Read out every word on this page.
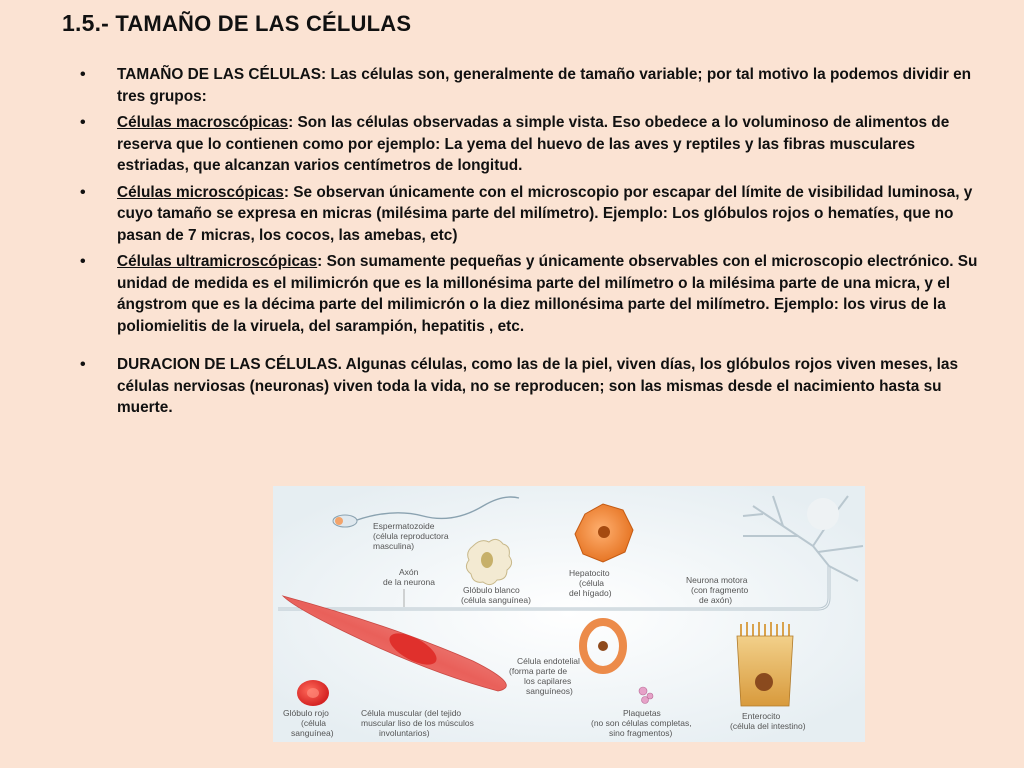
1.5.- TAMAÑO DE LAS CÉLULAS
• TAMAÑO DE LAS CÉLULAS: Las células son, generalmente de tamaño variable; por tal motivo la podemos dividir en tres grupos:
• Células macroscópicas: Son las células observadas a simple vista. Eso obedece a lo voluminoso de alimentos de reserva que lo contienen como por ejemplo: La yema del huevo de las aves y reptiles y las fibras musculares estriadas, que alcanzan varios centímetros de longitud.
• Células microscópicas: Se observan únicamente con el microscopio por escapar del límite de visibilidad luminosa, y cuyo tamaño se expresa en micras (milésima parte del milímetro). Ejemplo: Los glóbulos rojos o hematíes, que no pasan de 7 micras, los cocos, las amebas, etc)
• Células ultramicroscópicas: Son sumamente pequeñas y únicamente observables con el microscopio electrónico. Su unidad de medida es el milimicrón que es la millonésima parte del milímetro o la milésima parte de una micra, y el ángstrom que es la décima parte del milimicrón o la diez millonésima parte del milímetro. Ejemplo: los virus de la poliomielitis de la viruela, del sarampión, hepatitis , etc.
• DURACION DE LAS CÉLULAS. Algunas células, como las de la piel, viven días, los glóbulos rojos viven meses, las células nerviosas (neuronas) viven toda la vida, no se reproducen; son las mismas desde el nacimiento hasta su muerte.
Espermatozoide
(célula reproductora
masculina)
Axón
de la neurona
Glóbulo blanco
(célula sanguínea)
Hepatocito
(célula
del hígado)
Neurona motora
(con fragmento
de axón)
Célula endotelial
(forma parte de
los capilares
sanguíneos)
Enterocito
(célula del intestino)
Glóbulo rojo
(célula
sanguínea)
Célula muscular (del tejido
muscular liso de los músculos
involuntarios)
Plaquetas
(no son células completas,
sino fragmentos)
